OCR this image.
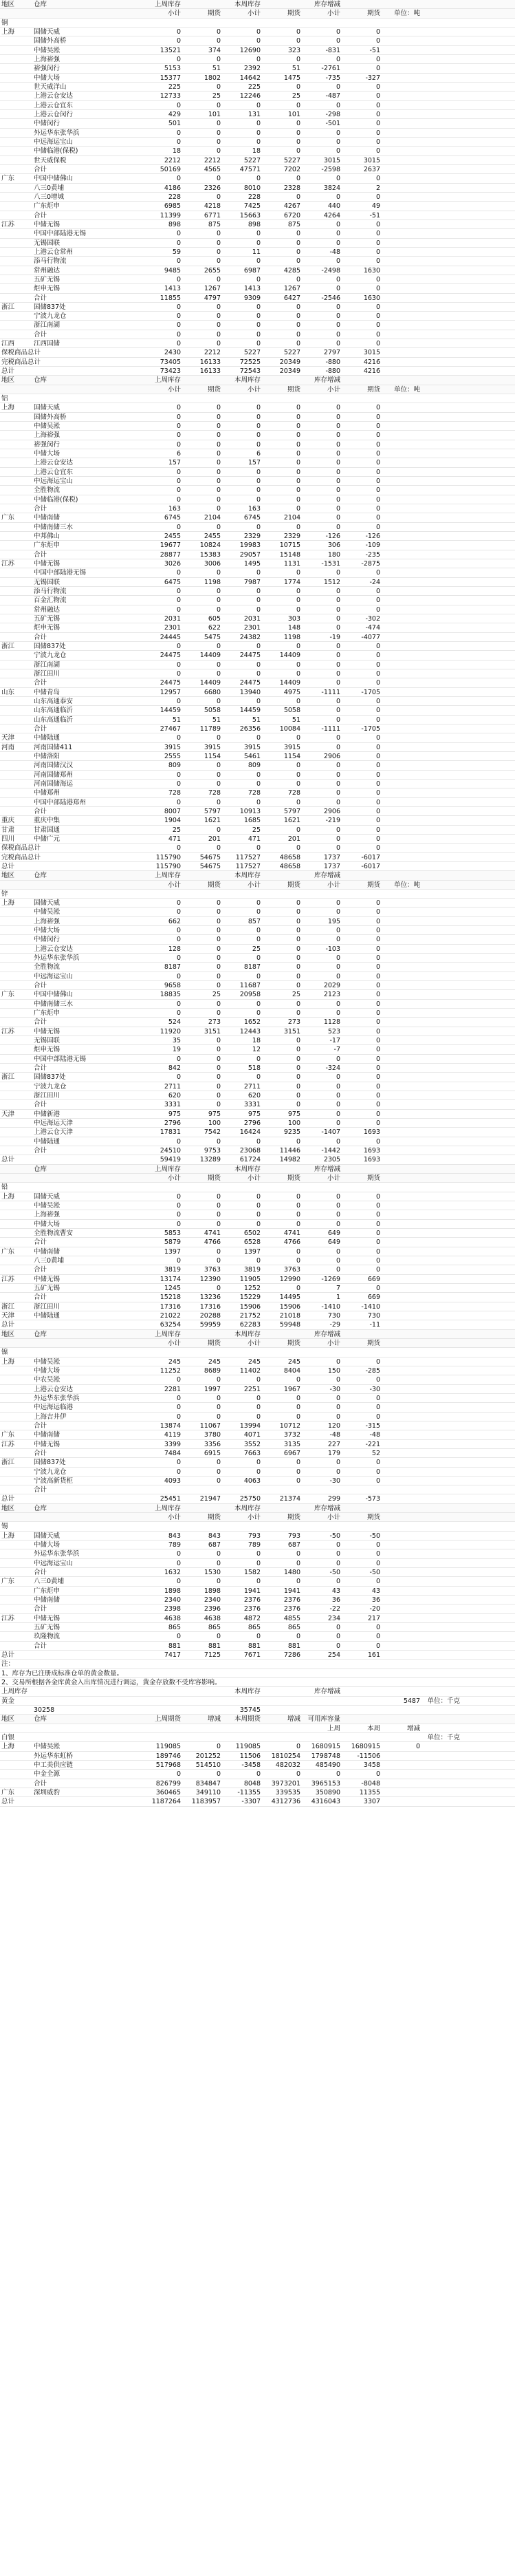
地区	仓库	上周库存	本周库存	库存增减
小计	期货	小计	期货	小计	期货	单位：吨
铜
上海	国储天威	0	0	0	0	0	0
国储外高桥	0	0	0	0	0	0
中储吴淞	13521	374	12690	323	-831	-51
上海裕强	0	0	0	0	0	0
裕强闵行	5153	51	2392	51	-2761	0
中储大场	15377	1802	14642	1475	-735	-327
世天威洋山	225	0	225	0	0	0
上港云仓安达	12733	25	12246	25	-487	0
上港云仓宜东	0	0	0	0	0	0
上港云仓闵行	429	101	131	101	-298	0
中储闵行	501	0	0	0	-501	0
外运华东张华浜	0	0	0	0	0	0
中远海运宝山	0	0	0	0	0	0
中储临港(保税)	18	0	18	0	0	0
世天威保税	2212	2212	5227	5227	3015	3015
合计	50169	4565	47571	7202	-2598	2637
广东	中国中储佛山	0	0	0	0	0	0
八三0黄埔	4186	2326	8010	2328	3824	2
八三0增城	228	0	228	0	0	0
广东炬申	6985	4218	7425	4267	440	49
合计	11399	6771	15663	6720	4264	-51
江苏	中储无锡	898	875	898	875	0	0
中国中部陆港无锡	0	0	0	0	0	0
无锡国联	0	0	0	0	0	0
上港云仓常州	59	0	11	0	-48	0
添马行物流	0	0	0	0	0	0
常州融达	9485	2655	6987	4285	-2498	1630
五矿无锡	0	0	0	0	0	0
炬申无锡	1413	1267	1413	1267	0	0
合计	11855	4797	9309	6427	-2546	1630
浙江	国储837处	0	0	0	0	0	0
宁波九龙仓	0	0	0	0	0	0
浙江南湖	0	0	0	0	0	0
合计	0	0	0	0	0	0
江西	江西国储	0	0	0	0	0	0
保税商品总计	2430	2212	5227	5227	2797	3015
完税商品总计	73405	16133	72525	20349	-880	4216
总计	73423	16133	72543	20349	-880	4216
地区	仓库	上周库存	本周库存	库存增减
小计	期货	小计	期货	小计	期货	单位：吨
铝
上海	国储天威	0	0	0	0	0	0
国储外高桥	0	0	0	0	0	0
中储吴淞	0	0	0	0	0	0
上海裕强	0	0	0	0	0	0
裕强闵行	0	0	0	0	0	0
中储大场	6	0	6	0	0	0
上港云仓安达	157	0	157	0	0	0
上港云仓宜东	0	0	0	0	0	0
中远海运宝山	0	0	0	0	0	0
全胜物流	0	0	0	0	0	0
中储临港(保税)	0	0	0	0	0	0
合计	163	0	163	0	0	0
广东	中储南储	6745	2104	6745	2104	0	0
中储南储三水	0	0	0	0	0	0
中邦佛山	2455	2455	2329	2329	-126	-126
广东炬申	19677	10824	19983	10715	306	-109
合计	28877	15383	29057	15148	180	-235
江苏	中储无锡	3026	3006	1495	1131	-1531	-2875
中国中部陆港无锡	0	0	0	0	0	0
无锡国联	6475	1198	7987	1774	1512	-24
添马行物流	0	0	0	0	0	0
百金汇物流	0	0	0	0	0	0
常州融达	0	0	0	0	0	0
五矿无锡	2031	605	2031	303	0	-302
炬申无锡	2301	622	2301	148	0	-474
合计	24445	5475	24382	1198	-19	-4077
浙江	国储837处	0	0	0	0	0	0
宁波九龙仓	24475	14409	24475	14409	0	0
浙江南湖	0	0	0	0	0	0
浙江田川	0	0	0	0	0	0
合计	24475	14409	24475	14409	0	0
山东	中储青岛	12957	6680	13940	4975	-1111	-1705
山东高通泰安	0	0	0	0	0	0
山东高通临沂	14459	5058	14459	5058	0	0
山东高通临沂	51	51	51	51	0	0
合计	27467	11789	26356	10084	-1111	-1705
天津	中储陆通	0	0	0	0	0	0
河南	河南国储411	3915	3915	3915	3915	0	0
中储洛阳	2555	1154	5461	1154	2906	0
河南国储汉汉	809	0	809	0	0	0
河南国储郑州	0	0	0	0	0	0
河南国储海运	0	0	0	0	0	0
中储郑州	728	728	728	728	0	0
中国中部陆港郑州	0	0	0	0	0	0
合计	8007	5797	10913	5797	2906	0
重庆	重庆中集	1904	1621	1685	1621	-219	0
甘肃	甘肃国通	25	0	25	0	0	0
四川	中储广元	471	201	471	201	0	0
保税商品总计	0	0	0	0	0	0
完税商品总计	115790	54675	117527	48658	1737	-6017
总计	115790	54675	117527	48658	1737	-6017
地区	仓库	上周库存	本周库存	库存增减
小计	期货	小计	期货	小计	期货	单位：吨
锌
上海	国储天威	0	0	0	0	0	0
中储吴淞	0	0	0	0	0	0
上海裕强	662	0	857	0	195	0
中储大场	0	0	0	0	0	0
中储闵行	0	0	0	0	0	0
上港云仓安达	128	0	25	0	-103	0
外运华东张华浜	0	0	0	0	0	0
全胜物流	8187	0	8187	0	0	0
中远海运宝山	0	0	0	0	0	0
合计	9658	0	11687	0	2029	0
广东	中国中储佛山	18835	25	20958	25	2123	0
中储南储三水	0	0	0	0	0	0
广东炬申	0	0	0	0	0	0
合计	524	273	1652	273	1128	0
江苏	中储无锡	11920	3151	12443	3151	523	0
无锡国联	35	0	18	0	-17	0
炬申无锡	19	0	12	0	-7	0
中国中部陆港无锡	0	0	0	0	0	0
合计	842	0	518	0	-324	0
浙江	国储837处	0	0	0	0	0	0
宁波九龙仓	2711	0	2711	0	0	0
浙江田川	620	0	620	0	0	0
合计	3331	0	3331	0	0	0
天津	中储新港	975	975	975	975	0	0
中远海运天津	2796	100	2796	100	0	0
上港云仓天津	17831	7542	16424	9235	-1407	1693
中储陆通	0	0	0	0	0	0
合计	24510	9753	23068	11446	-1442	1693
总计	59419	13289	61724	14982	2305	1693
仓库	上周库存	本周库存	库存增减
小计	期货	小计	期货	小计	期货
铅
上海	国储天威	0	0	0	0	0	0
中储吴淞	0	0	0	0	0	0
上海裕强	0	0	0	0	0	0
中储大场	0	0	0	0	0	0
全胜物流曹安	5853	4741	6502	4741	649	0
合计	5879	4766	6528	4766	649	0
广东	中储南储	1397	0	1397	0	0	0
八三0黄埔	0	0	0	0	0	0
合计	3819	3763	3819	3763	0	0
江苏	中储无锡	13174	12390	11905	12990	-1269	669
五矿无锡	1245	0	1252	0	7	0
合计	15218	13236	15229	14495	1	669
浙江	浙江田川	17316	17316	15906	15906	-1410	-1410
天津	中储陆通	21022	20288	21752	21018	730	730
总计	63254	59959	62283	59948	-29	-11
地区	仓库	上周库存	本周库存	库存增减
小计	期货	小计	期货	小计	期货
镍
上海	中储吴淞	245	245	245	245	0	0
中储大场	11252	8689	11402	8404	150	-285
中农吴淞	0	0	0	0	0	0
上港云仓安达	2281	1997	2251	1967	-30	-30
外运华东张华浜	0	0	0	0	0	0
中远海运临港	0	0	0	0	0	0
上海吉井伊	0	0	0	0	0	0
合计	13874	11067	13994	10712	120	-315
广东	中储南储	4119	3780	4071	3732	-48	-48
江苏	中储无锡	3399	3356	3552	3135	227	-221
合计	7484	6915	7663	6967	179	52
浙江	国储837处	0	0	0	0	0	0
宁波九龙仓	0	0	0	0	0	0
宁波高新货柜	4093	0	4063	0	-30	0
合计
总计	25451	21947	25750	21374	299	-573
地区	仓库	上周库存	本周库存	库存增减
小计	期货	小计	期货	小计	期货
锡
上海	国储天威	843	843	793	793	-50	-50
中储大场	789	687	789	687	0	0
外运华东张华浜	0	0	0	0	0	0
中远海运宝山	0	0	0	0	0	0
合计	1632	1530	1582	1480	-50	-50
广东	八三0黄埔	0	0	0	0	0	0
广东炬申	1898	1898	1941	1941	43	43
中储南储	2340	2340	2376	2376	36	36
合计	2398	2396	2376	2376	-22	-20
江苏	中储无锡	4638	4638	4872	4855	234	217
五矿无锡	865	865	865	865	0	0
玖隆物流	0	0	0	0	0	0
合计	881	881	881	881	0	0
总计	7417	7125	7671	7286	254	161
注：
1、库存为已注册成标准仓单的黄金数量。
2、交易所根据各金库黄金入出库情况进行调运，黄金存放数不受库容影响。
上周库存	本周库存	库存增减
黄金	5487	单位：千克
30258	35745
地区	仓库	上周期货	增减	本周期货	增减	可用库容量
上周	本周	增减
白银	单位：千克
上海	中储吴淞	119085	0	119085	0	1680915	1680915	0
外运华东虹桥	189746	201252	11506	1810254	1798748	-11506
中工美供应链	517968	514510	-3458	482032	485490	3458
中金全源	0	0	0	0	0	0
合计	826799	834847	8048	3973201	3965153	-8048
广东	深圳威豹	360465	349110	-11355	339535	350890	11355
总计	1187264	1183957	-3307	4312736	4316043	3307
